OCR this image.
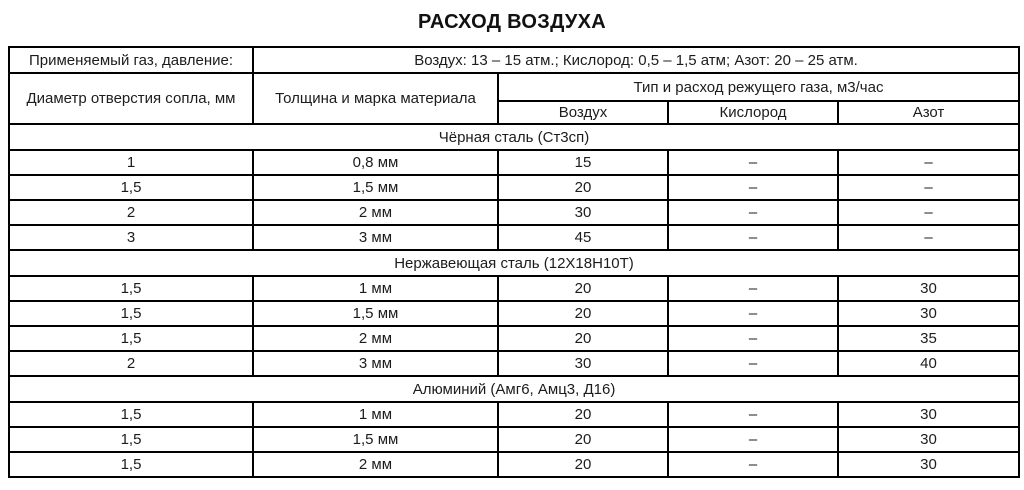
РАСХОД ВОЗДУХА
Применяемый газ, давление:	Воздух: 13 – 15 атм.; Кислород: 0,5 – 1,5 атм; Азот: 20 – 25 атм.			
Диаметр отверстия сопла, мм	Толщина и марка материала	Тип и расход режущего газа, м3/час		
		Воздух	Кислород	Азот
Чёрная сталь (Ст3сп)				
1	0,8 мм	15	–	–
1,5	1,5 мм	20	–	–
2	2 мм	30	–	–
3	3 мм	45	–	–
Нержавеющая сталь (12Х18Н10Т)				
1,5	1 мм	20	–	30
1,5	1,5 мм	20	–	30
1,5	2 мм	20	–	35
2	3 мм	30	–	40
Алюминий (Амг6, Амц3, Д16)				
1,5	1 мм	20	–	30
1,5	1,5 мм	20	–	30
1,5	2 мм	20	–	30
